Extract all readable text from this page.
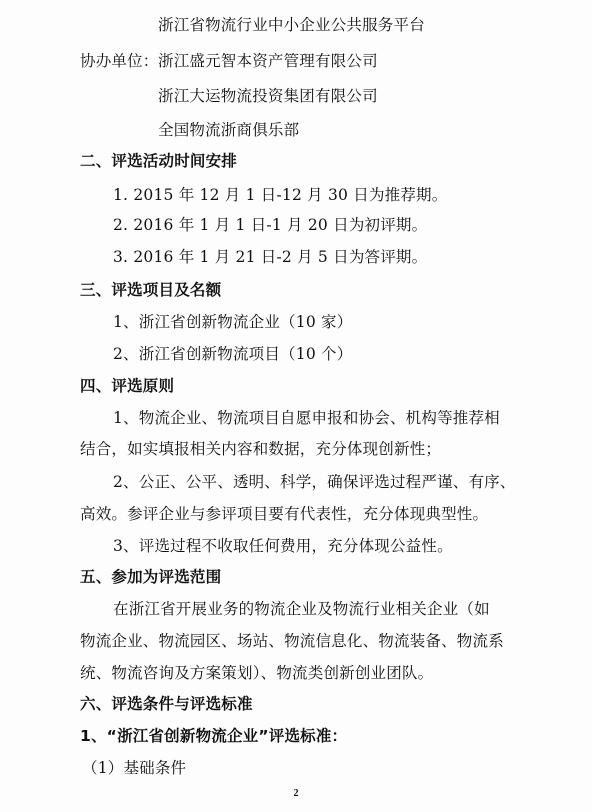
浙江省物流行业中小企业公共服务平台
协办单位： 浙江盛元智本资产管理有限公司
浙江大运物流投资集团有限公司
全国物流浙商俱乐部
二、评选活动时间安排
1. 2015 年 12 月 1 日-12 月 30 日为推荐期。
2. 2016 年 1 月 1 日-1 月 20 日为初评期。
3. 2016 年 1 月 21 日-2 月 5 日为答评期。
三、评选项目及名额
1、浙江省创新物流企业（10 家）
2、浙江省创新物流项目（10 个）
四、评选原则
1、物流企业、物流项目自愿申报和协会、机构等推荐相
结合，如实填报相关内容和数据，充分体现创新性；
2、公正、公平、透明、科学，确保评选过程严谨、有序、
高效。参评企业与参评项目要有代表性，充分体现典型性。
3、评选过程不收取任何费用，充分体现公益性。
五、参加为评选范围
在浙江省开展业务的物流企业及物流行业相关企业（如
物流企业、物流园区、场站、物流信息化、物流装备、物流系
统、物流咨询及方案策划）、物流类创新创业团队。
六、评选条件与评选标准
1、“浙江省创新物流企业”评选标准：
（1）基础条件
2
